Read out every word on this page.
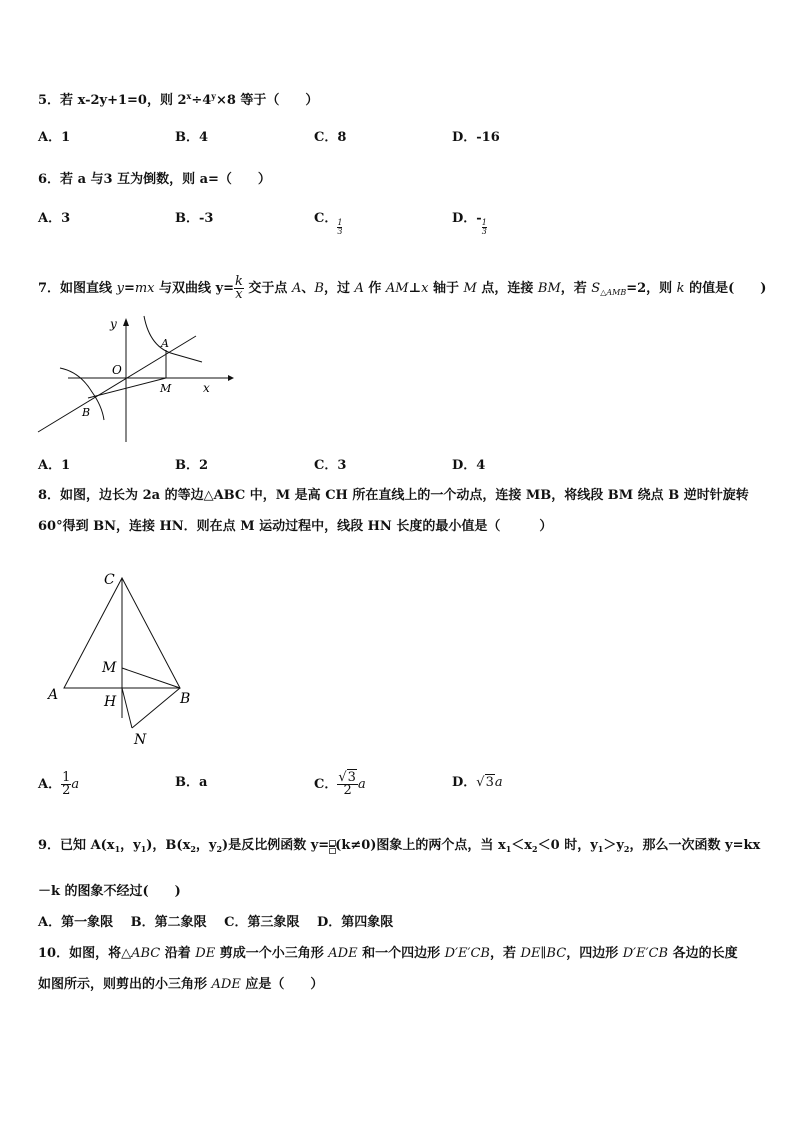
5．若 x-2y+1=0，则 $2^x\div 4^y\times 8$ 等于（　　）
A．1	B．4	C．8	D．-16
6．若 a 与3 互为倒数，则 a=（　　）
A．3	B．-3	C．
$\frac{1}{3}$
D．-
$\frac{1}{3}$
7．如图直线 y=mx 与双曲线 $y= \frac{k}{x}$ 交于点 A、B，过 A 作 AM⊥x 轴于 M 点，连接 BM，若 $S_{\triangle AMB}=2$，则 k 的值是(　　)
y
O
A
M	x
B
A．1	B．2	C．3	D．4
8．如图，边长为 2a 的等边△ABC 中，M 是高 CH 所在直线上的一个动点，连接 MB，将线段 BM 绕点 B 逆时针旋转
60°得到 BN，连接 HN．则在点 M 运动过程中，线段 HN 长度的最小值是（　　　）
C
M
A	H	B
N
A． $\frac{1}{2}$ a	B．a	C． $\frac{√3}{2}$ a	D．√3a
9．已知 $A(x_1$，$y_1$)，$B(x_2$，$y_2$)是反比例函数 y= (k≠0)图象上的两个点，当 $x_1<x_2<0$ 时，$y_1>y_2$，那么一次函数 y=kx
－k 的图象不经过(　　)
A．第一象限　 B．第二象限　 C．第三象限　 D．第四象限
10．如图，将△ABC 沿着 DE 剪成一个小三角形 ADE 和一个四边形 D′E′CB，若 DE∥BC，四边形 D′E′CB 各边的长度
如图所示，则剪出的小三角形 ADE 应是（　　）
